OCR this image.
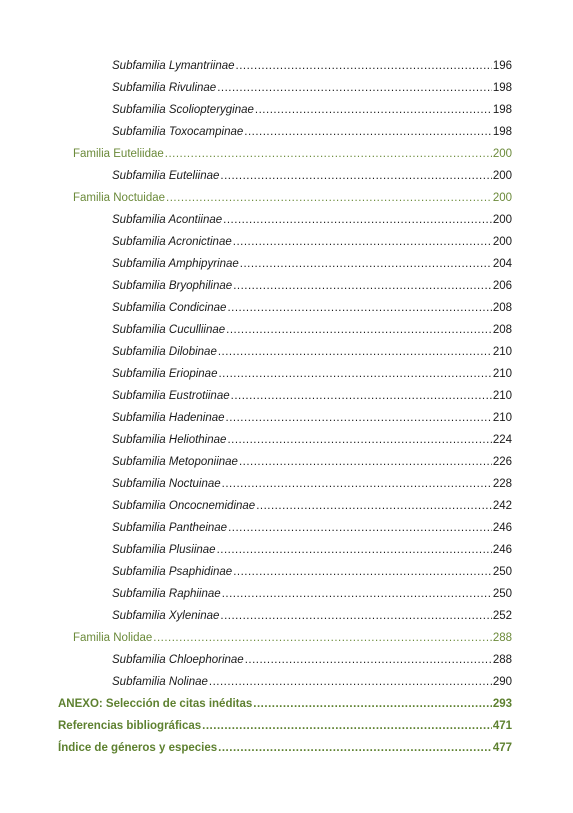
Subfamilia Lymantriinae .....	196
Subfamilia Rivulinae .....	198
Subfamilia Scoliopteryginae .....	198
Subfamilia Toxocampinae .....	198
Familia Euteliidae .....	200
Subfamilia Euteliinae .....	200
Familia Noctuidae .....	200
Subfamilia Acontiinae .....	200
Subfamilia Acronictinae .....	200
Subfamilia Amphipyrinae .....	204
Subfamilia Bryophilinae .....	206
Subfamilia Condicinae .....	208
Subfamilia Cuculliinae .....	208
Subfamilia Dilobinae .....	210
Subfamilia Eriopinae .....	210
Subfamilia Eustrotiinae .....	210
Subfamilia Hadeninae .....	210
Subfamilia Heliothinae .....	224
Subfamilia Metoponiinae .....	226
Subfamilia Noctuinae .....	228
Subfamilia Oncocnemidinae .....	242
Subfamilia Pantheinae .....	246
Subfamilia Plusiinae .....	246
Subfamilia Psaphidinae .....	250
Subfamilia Raphiinae .....	250
Subfamilia Xyleninae .....	252
Familia Nolidae .....	288
Subfamilia Chloephorinae .....	288
Subfamilia Nolinae .....	290
ANEXO: Selección de citas inéditas .....	293
Referencias bibliográficas .....	471
Índice de géneros y especies .....	477
